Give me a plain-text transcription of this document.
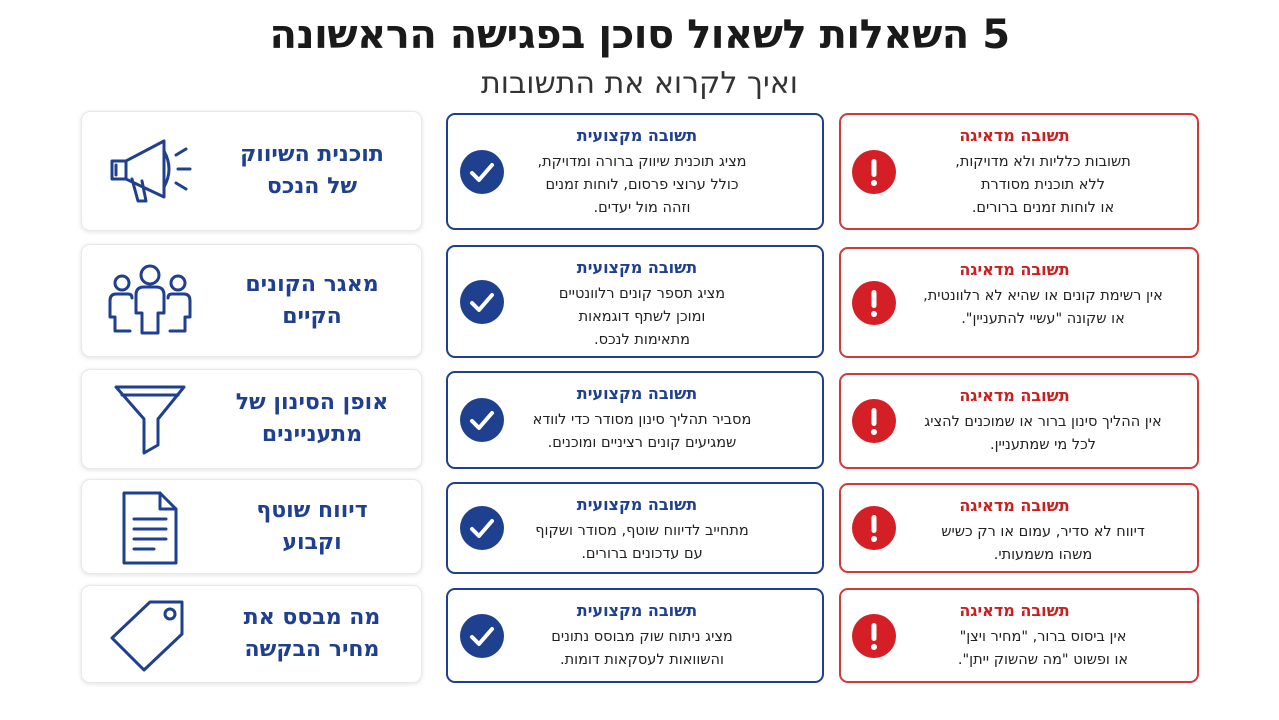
5 השאלות לשאול סוכן בפגישה הראשונה
ואיך לקרוא את התשובות
תוכנית השיווק
של הנכס
תשובה מקצועית
מציג תוכנית שיווק ברורה ומדויקת,
כולל ערוצי פרסום, לוחות זמנים
וזהה מול יעדים.
תשובה מדאיגה
תשובות כלליות ולא מדויקות,
ללא תוכנית מסודרת
או לוחות זמנים ברורים.
מאגר הקונים
הקיים
תשובה מקצועית
מציג תספר קונים רלוונטיים
ומוכן לשתף דוגמאות
מתאימות לנכס.
תשובה מדאיגה
אין רשימת קונים או שהיא לא רלוונטית,
או שקונה "עשיי להתעניין".
אופן הסינון של
מתעניינים
תשובה מקצועית
מסביר תהליך סינון מסודר כדי לוודא
שמגיעים קונים רציניים ומוכנים.
תשובה מדאיגה
אין ההליך סינון ברור או שמוכנים להציג
לכל מי שמתעניין.
דיווח שוטף
וקבוע
תשובה מקצועית
מתחייב לדיווח שוטף, מסודר ושקוף
עם עדכונים ברורים.
תשובה מדאיגה
דיווח לא סדיר, עמום או רק כשיש
משהו משמעותי.
מה מבסס את
מחיר הבקשה
תשובה מקצועית
מציג ניתוח שוק מבוסס נתונים
והשוואות לעסקאות דומות.
תשובה מדאיגה
אין ביסוס ברור, "מחיר ויצן"
או ופשוט "מה שהשוק ייתן".
